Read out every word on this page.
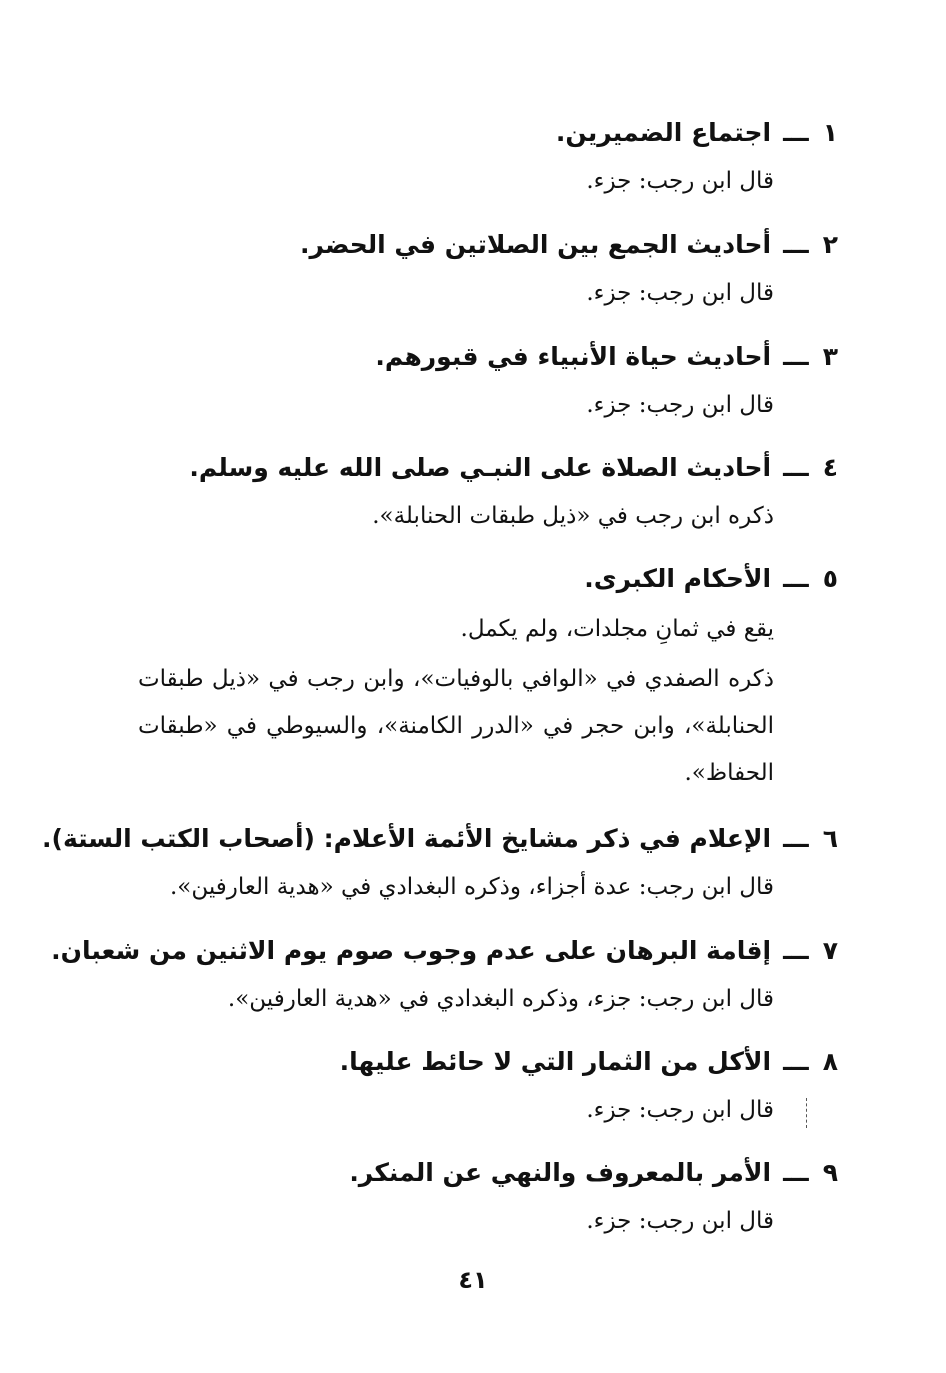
١ـــاجتماع الضميرين.
قال ابن رجب: جزء.
٢ـــأحاديث الجمع بين الصلاتين في الحضر.
قال ابن رجب: جزء.
٣ـــأحاديث حياة الأنبياء في قبورهم.
قال ابن رجب: جزء.
٤ـــأحاديث الصلاة على النبـي صلى الله عليه وسلم.
ذكره ابن رجب في «ذيل طبقات الحنابلة».
٥ـــالأحكام الكبرى.
يقع في ثمانِ مجلدات، ولم يكمل.
ذكره الصفدي في «الوافي بالوفيات»، وابن رجب في «ذيل طبقات الحنابلة»، وابن حجر في «الدرر الكامنة»، والسيوطي في «طبقات الحفاظ».
٦ـــالإعلام في ذكر مشايخ الأئمة الأعلام: (أصحاب الكتب الستة).
قال ابن رجب: عدة أجزاء، وذكره البغدادي في «هدية العارفين».
٧ـــإقامة البرهان على عدم وجوب صوم يوم الاثنين من شعبان.
قال ابن رجب: جزء، وذكره البغدادي في «هدية العارفين».
٨ـــالأكل من الثمار التي لا حائط عليها.
قال ابن رجب: جزء.
٩ـــالأمر بالمعروف والنهي عن المنكر.
قال ابن رجب: جزء.
٤١
